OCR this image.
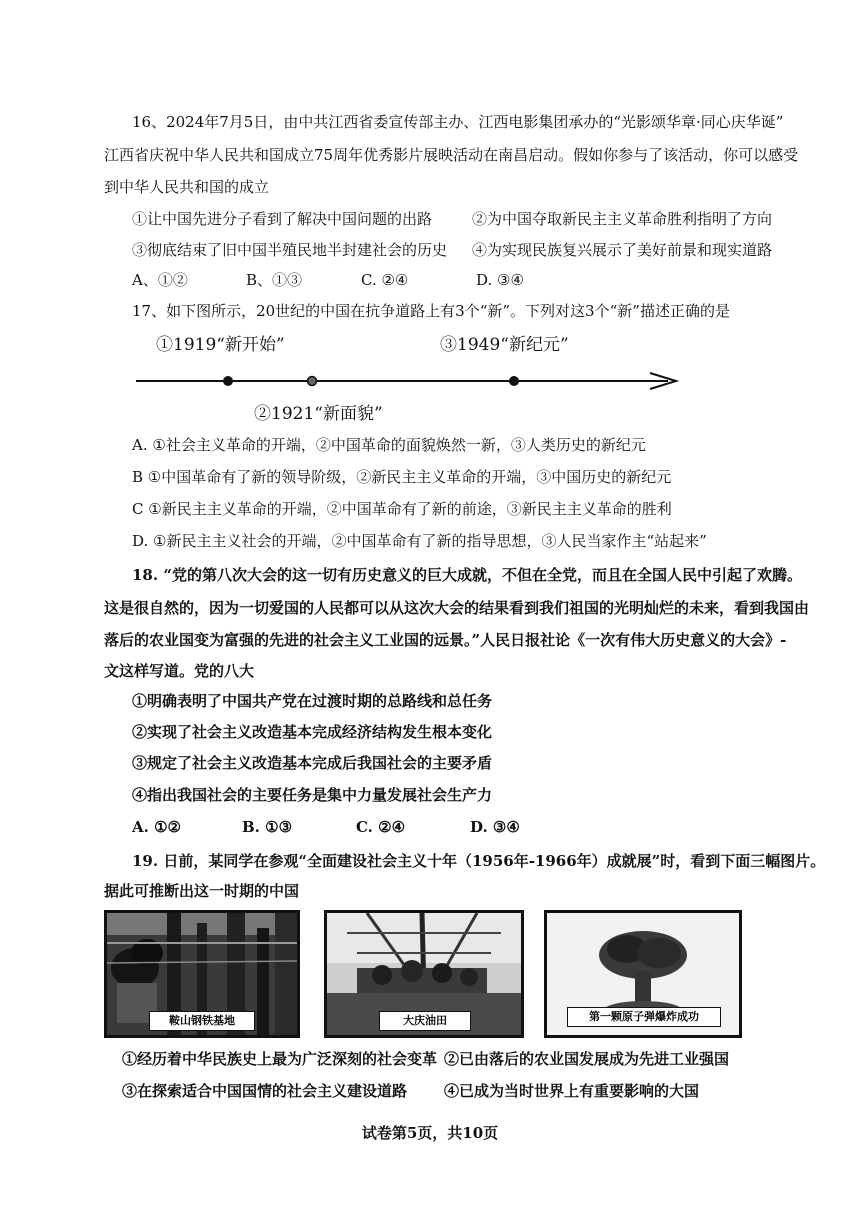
16、2024年7月5日，由中共江西省委宣传部主办、江西电影集团承办的“光影颂华章·同心庆华诞”
江西省庆祝中华人民共和国成立75周年优秀影片展映活动在南昌启动。假如你参与了该活动，你可以感受
到中华人民共和国的成立
①让中国先进分子看到了解决中国问题的出路	②为中国夺取新民主主义革命胜利指明了方向
③彻底结束了旧中国半殖民地半封建社会的历史 ④为实现民族复兴展示了美好前景和现实道路
A、①②	B、①③	C. ②④	D. ③④
17、如下图所示，20世纪的中国在抗争道路上有3个“新”。下列对这3个“新”描述正确的是
①1919“新开始”	③1949“新纪元”
②1921“新面貌”
A. ①社会主义革命的开端，②中国革命的面貌焕然一新，③人类历史的新纪元
B ①中国革命有了新的领导阶级，②新民主主义革命的开端，③中国历史的新纪元
C ①新民主主义革命的开端，②中国革命有了新的前途，③新民主主义革命的胜利
D. ①新民主主义社会的开端，②中国革命有了新的指导思想，③人民当家作主“站起来”
18. “党的第八次大会的这一切有历史意义的巨大成就，不但在全党，而且在全国人民中引起了欢腾。
这是很自然的，因为一切爱国的人民都可以从这次大会的结果看到我们祖国的光明灿烂的未来，看到我国由
落后的农业国变为富强的先进的社会主义工业国的远景。”人民日报社论《一次有伟大历史意义的大会》-
文这样写道。党的八大
①明确表明了中国共产党在过渡时期的总路线和总任务
②实现了社会主义改造基本完成经济结构发生根本变化
③规定了社会主义改造基本完成后我国社会的主要矛盾
④指出我国社会的主要任务是集中力量发展社会生产力
A. ①②	B. ①③	C. ②④	D. ③④
19. 日前，某同学在参观“全面建设社会主义十年（1956年-1966年）成就展”时，看到下面三幅图片。
据此可推断出这一时期的中国
鞍山钢铁基地	大庆油田	第一颗原子弹爆炸成功
①经历着中华民族史上最为广泛深刻的社会变革 ②已由落后的农业国发展成为先进工业强国
③在探索适合中国国情的社会主义建设道路 ④已成为当时世界上有重要影响的大国
试卷第5页，共10页
